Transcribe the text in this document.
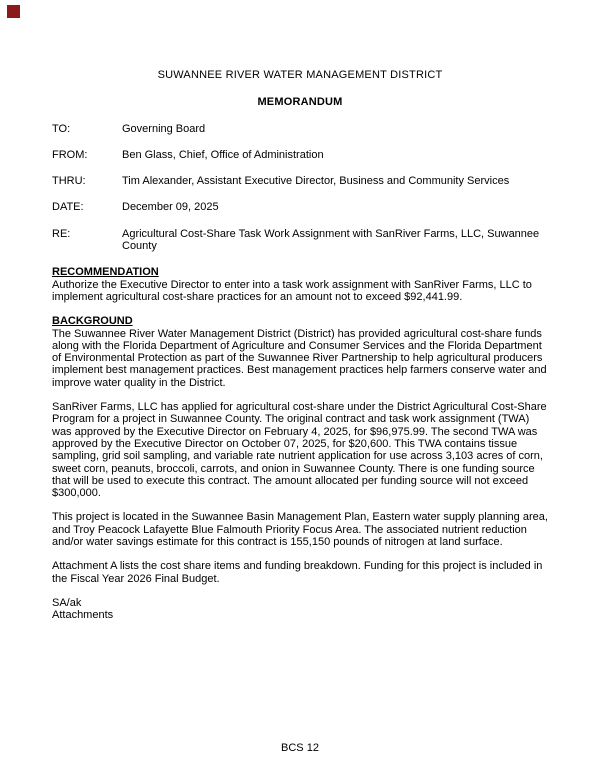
SUWANNEE RIVER WATER MANAGEMENT DISTRICT
MEMORANDUM
TO:	Governing Board
FROM:	Ben Glass, Chief, Office of Administration
THRU:	Tim Alexander, Assistant Executive Director, Business and Community Services
DATE:	December 09, 2025
RE:	Agricultural Cost-Share Task Work Assignment with SanRiver Farms, LLC, Suwannee County
RECOMMENDATION

Authorize the Executive Director to enter into a task work assignment with SanRiver Farms, LLC to implement agricultural cost-share practices for an amount not to exceed $92,441.99.

BACKGROUND

The Suwannee River Water Management District (District) has provided agricultural cost-share funds along with the Florida Department of Agriculture and Consumer Services and the Florida Department of Environmental Protection as part of the Suwannee River Partnership to help agricultural producers implement best management practices. Best management practices help farmers conserve water and improve water quality in the District.

SanRiver Farms, LLC has applied for agricultural cost-share under the District Agricultural Cost-Share Program for a project in Suwannee County. The original contract and task work assignment (TWA) was approved by the Executive Director on February 4, 2025, for $96,975.99. The second TWA was approved by the Executive Director on October 07, 2025, for $20,600. This TWA contains tissue sampling, grid soil sampling, and variable rate nutrient application for use across 3,103 acres of corn, sweet corn, peanuts, broccoli, carrots, and onion in Suwannee County. There is one funding source that will be used to execute this contract. The amount allocated per funding source will not exceed $300,000.

This project is located in the Suwannee Basin Management Plan, Eastern water supply planning area, and Troy Peacock Lafayette Blue Falmouth Priority Focus Area. The associated nutrient reduction and/or water savings estimate for this contract is 155,150 pounds of nitrogen at land surface.

Attachment A lists the cost share items and funding breakdown. Funding for this project is included in the Fiscal Year 2026 Final Budget.

SA/ak
Attachments
BCS 12
